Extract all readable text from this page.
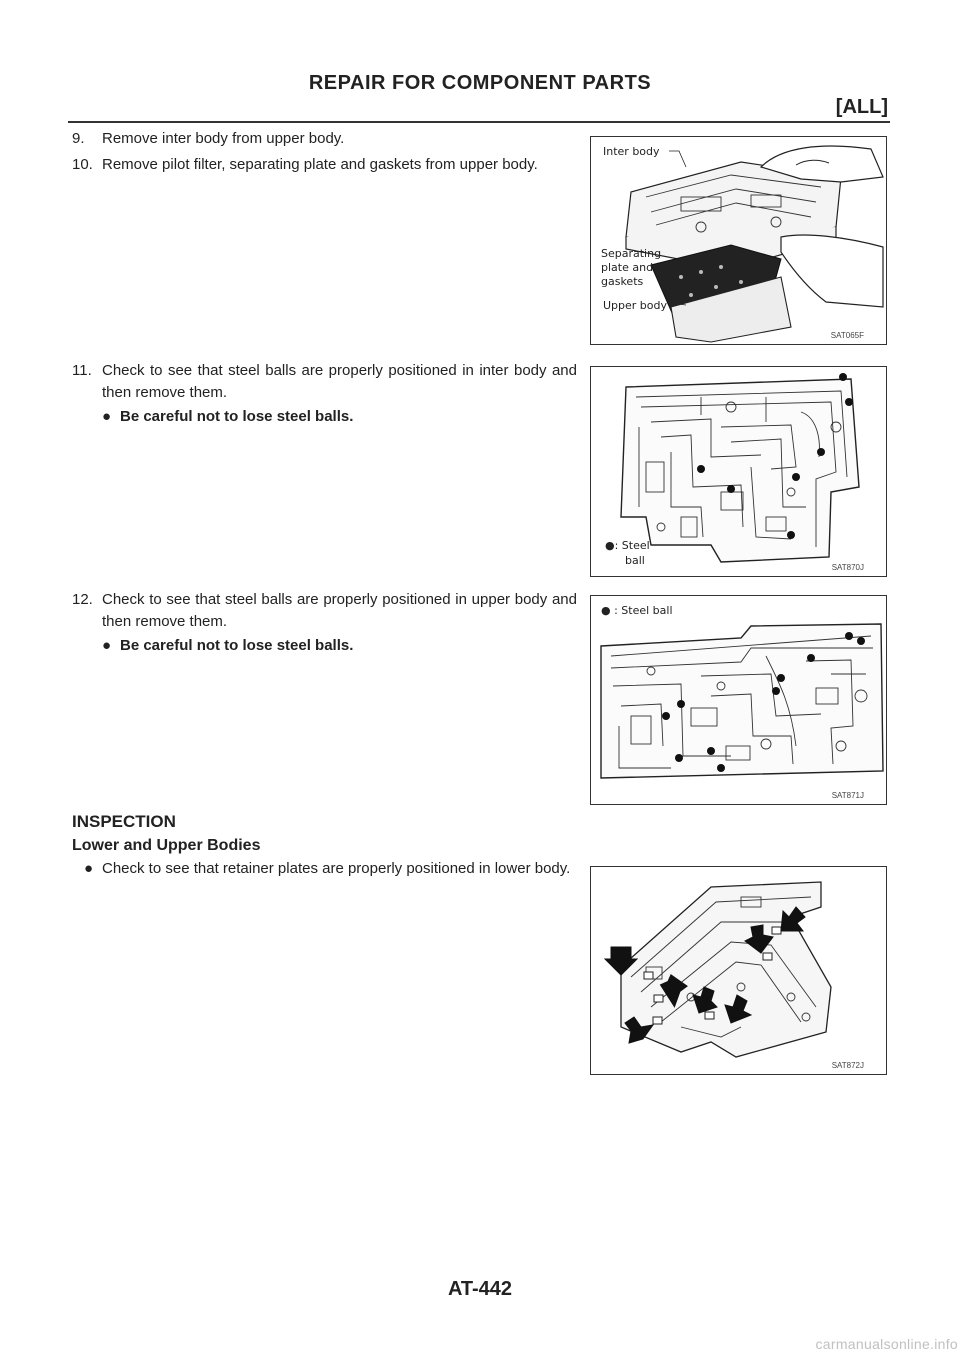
REPAIR FOR COMPONENT PARTS
[ALL]
9. Remove inter body from upper body.
10. Remove pilot filter, separating plate and gaskets from upper body.
Inter body
Separating
plate and
gaskets
Upper body
SAT065F
11. Check to see that steel balls are properly positioned in inter body and then remove them.
● Be careful not to lose steel balls.
●: Steel
ball
SAT870J
12. Check to see that steel balls are properly positioned in upper body and then remove them.
● Be careful not to lose steel balls.
● : Steel ball
SAT871J
INSPECTION
Lower and Upper Bodies
● Check to see that retainer plates are properly positioned in lower body.
SAT872J
AT-442
carmanualsonline.info
